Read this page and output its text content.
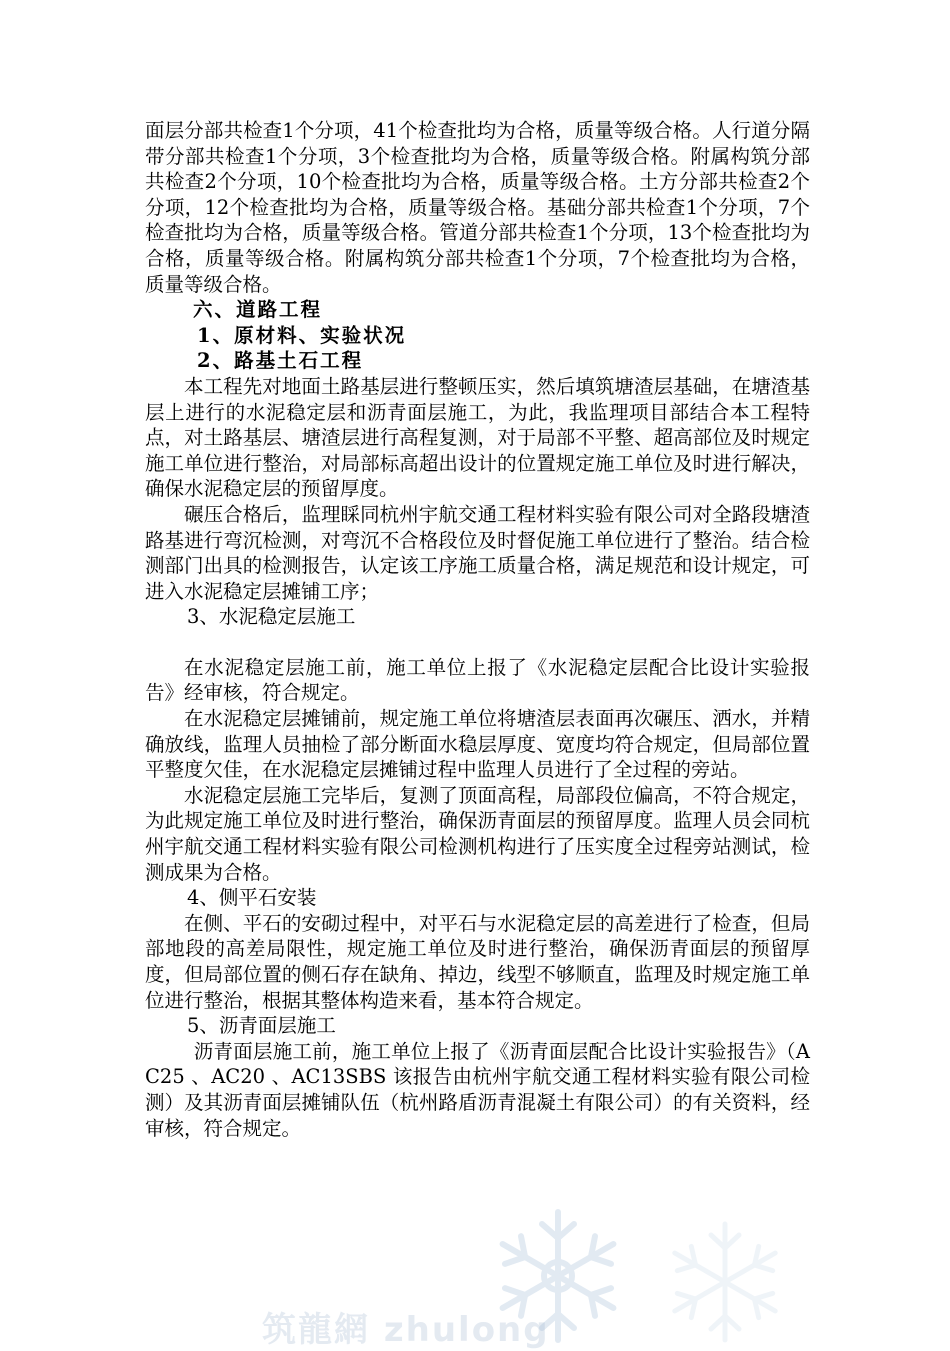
面层分部共检查1个分项，41个检查批均为合格，质量等级合格。人行道分隔带分部共检查1个分项，3个检查批均为合格，质量等级合格。附属构筑分部共检查2个分项，10个检查批均为合格，质量等级合格。土方分部共检查2个分项，12个检查批均为合格，质量等级合格。基础分部共检查1个分项，7个检查批均为合格，质量等级合格。管道分部共检查1个分项，13个检查批均为合格，质量等级合格。附属构筑分部共检查1个分项，7个检查批均为合格，质量等级合格。

六、道路工程

1、原材料、实验状况

2、路基土石工程

本工程先对地面土路基层进行整顿压实，然后填筑塘渣层基础，在塘渣基层上进行的水泥稳定层和沥青面层施工，为此，我监理项目部结合本工程特点，对土路基层、塘渣层进行高程复测，对于局部不平整、超高部位及时规定施工单位进行整治，对局部标高超出设计的位置规定施工单位及时进行解决，确保水泥稳定层的预留厚度。

碾压合格后，监理睬同杭州宇航交通工程材料实验有限公司对全路段塘渣路基进行弯沉检测，对弯沉不合格段位及时督促施工单位进行了整治。结合检测部门出具的检测报告，认定该工序施工质量合格，满足规范和设计规定，可进入水泥稳定层摊铺工序；

3、水泥稳定层施工

在水泥稳定层施工前，施工单位上报了《水泥稳定层配合比设计实验报告》经审核，符合规定。

在水泥稳定层摊铺前，规定施工单位将塘渣层表面再次碾压、洒水，并精确放线，监理人员抽检了部分断面水稳层厚度、宽度均符合规定，但局部位置平整度欠佳，在水泥稳定层摊铺过程中监理人员进行了全过程的旁站。

水泥稳定层施工完毕后，复测了顶面高程，局部段位偏高，不符合规定，为此规定施工单位及时进行整治，确保沥青面层的预留厚度。监理人员会同杭州宇航交通工程材料实验有限公司检测机构进行了压实度全过程旁站测试，检测成果为合格。

4、侧平石安装

在侧、平石的安砌过程中，对平石与水泥稳定层的高差进行了检查，但局部地段的高差局限性，规定施工单位及时进行整治，确保沥青面层的预留厚度，但局部位置的侧石存在缺角、掉边，线型不够顺直，监理及时规定施工单位进行整治，根据其整体构造来看，基本符合规定。

5、沥青面层施工

沥青面层施工前，施工单位上报了《沥青面层配合比设计实验报告》（AC25 、AC20 、AC13SBS 该报告由杭州宇航交通工程材料实验有限公司检测）及其沥青面层摊铺队伍（杭州路盾沥青混凝土有限公司）的有关资料，经审核，符合规定。

筑龍網 zhulong
